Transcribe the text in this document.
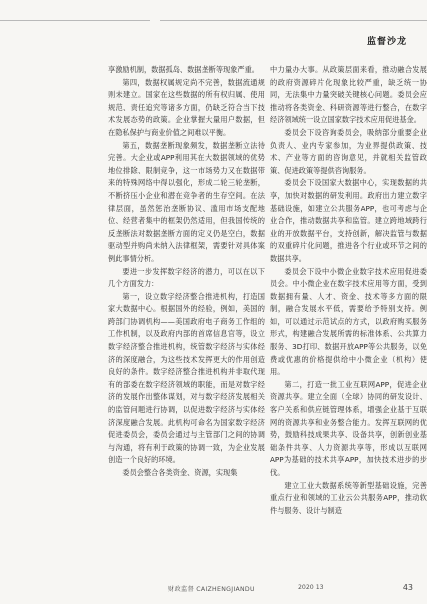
监督沙龙

享激励机制，数据孤岛、数据垄断等现象严重。

第四，数据权属规定尚不完善，数据流通规则未建立。国家在这些数据的所有权归属、使用规范、责任追究等诸多方面，仍缺乏符合当下技术发展态势的政策。企业掌握大量用户数据，但在隐私保护与商业价值之间难以平衡。

第五，数据垄断现象频发，数据垄断立法待完善。大企业或APP利用其在大数据领域的优势地位排除、限制竞争，这一市场势力又在数据带来的特殊网络中得以强化，形成二轮三轮垄断，不断挤压小企业和潜在竞争者的生存空间。在法律层面，虽然惩治垄断协议、滥用市场支配地位、经营者集中的框架仍然适用，但我国传统的反垄断法对数据垄断方面的定义仍是空白，数据驱动型并购尚未纳入法律框架，需要针对具体案例此事情分析。

要进一步发挥数字经济的潜力，可以在以下几个方面发力：

第一，设立数字经济整合推进机构，打造国家大数据中心。根据国外的经验，例如，美国的跨部门协调机构——美国政府电子商务工作组的工作机制，以及政府内部的首席信息官等，设立数字经济整合推进机构，统管数字经济与实体经济的深度融合，为这些技术发挥更大的作用创造良好的条件。数字经济整合推进机构并非取代现有的部委在数字经济领域的职能，而是对数字经济的发展作出整体谋划，对与数字经济发展相关的监管问题进行协调，以促进数字经济与实体经济深度融合发展。此机构可命名为国家数字经济促进委员会，委员会通过与主管部门之间的协调与沟通，将有利于政策的协调一致，为企业发展创造一个良好的环境。

委员会整合各类资金、资源，实现集

中力量办大事。从政策层面来看，推动融合发展的政府资源碎片化现象比较严重，缺乏统一协同，无法集中力量突破关键核心问题。委员会应推动将各类资金、科研资源等进行整合，在数字经济领域统一设立国家数字技术应用促进基金。

委员会下设咨询委员会，吸纳部分重要企业负责人、业内专家参加，为业界提供政策、技术、产业等方面的咨询意见，并就相关监管政策、促进政策等提供咨询服务。

委员会下设国家大数据中心，实现数据的共享，加快对数据的研发利用。政府出力建立数字基础设施，如建立公共服务APP，也可考虑与企业合作，推动数据共享和监管。建立跨地域跨行业的开放数据平台，支持创新，解决监管与数据的双重碎片化问题，推进各个行业或环节之间的数据共享。

委员会下设中小微企业数字技术应用促进委员会。中小微企业在数字技术应用等方面，受到数据拥有量、人才、资金、技术等多方面的限制，融合发展水平低，需要给予特别支持。例如，可以通过示范试点的方式，以政府购买服务形式，构建融合发展所需的标准体系、公共算力服务、3D打印、数据开放APP等公共服务，以免费或优惠的价格提供给中小微企业（机构）使用。

第二，打造一批工业互联网APP，促进企业资源共享。建立全面（全球）协同的研发设计、客户关系和供应链管理体系，增强企业基于互联网的资源共享和业务整合能力。发挥互联网的优势，鼓励科技成果共享、设备共享，创新创业基础条件共享、人力资源共享等，形成以互联网APP为基础的技术共享APP，加快技术进步的步伐。

建立工业大数据系统等新型基础设施，完善重点行业和领域的工业云公共服务APP，推动软件与服务、设计与制造

财政监督 CAIZHENGJIANDU	2020 13	43
